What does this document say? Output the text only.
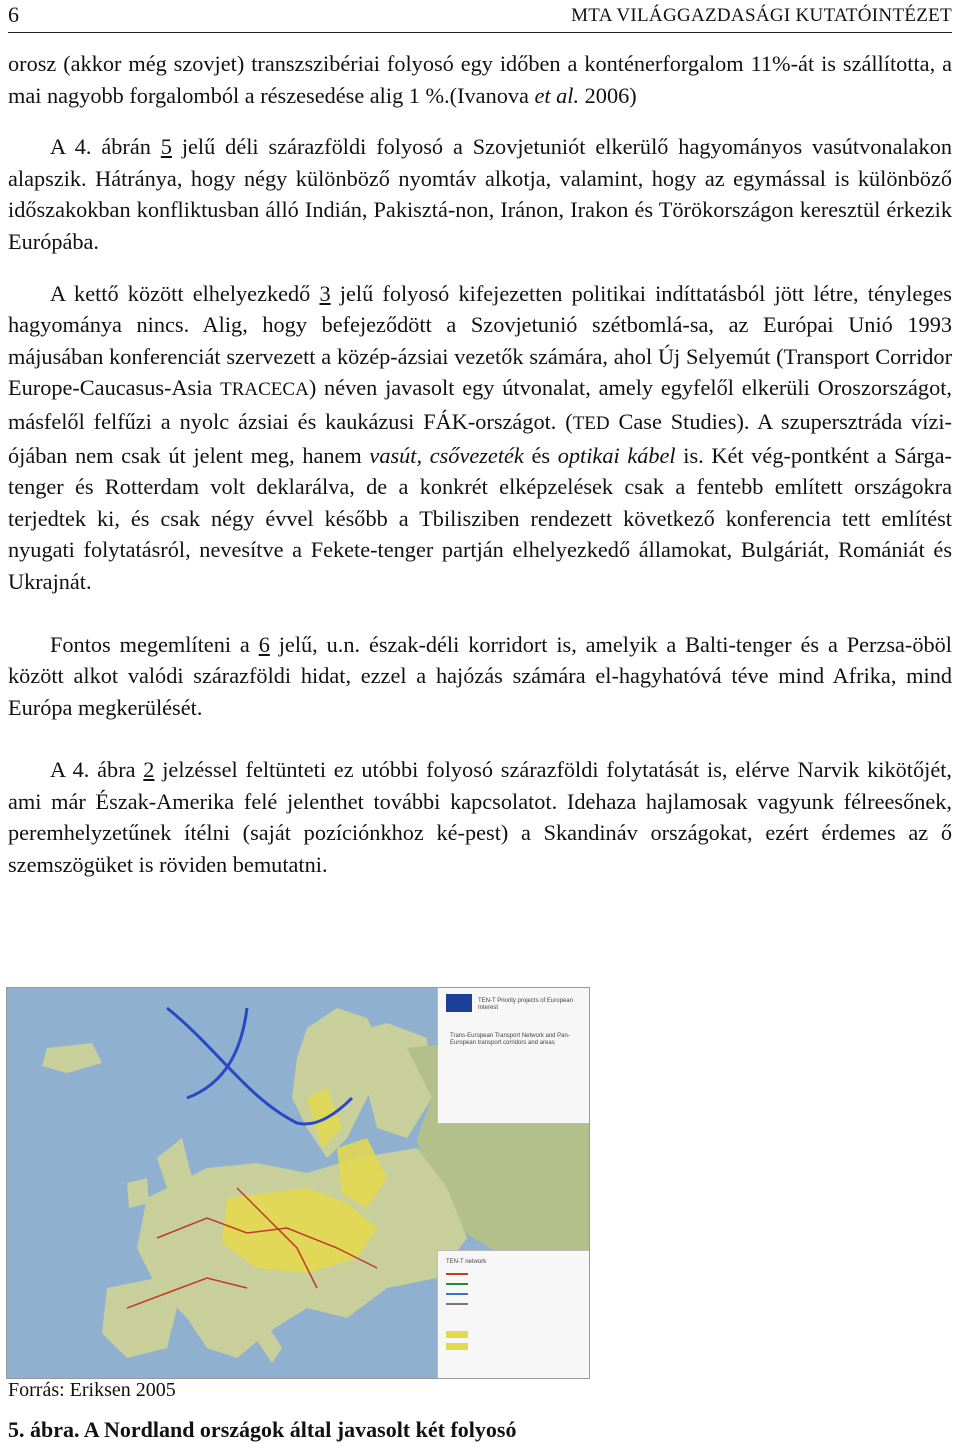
6	MTA VILÁGGAZDASÁGI KUTATÓINTÉZET

orosz (akkor még szovjet) transzszibériai folyosó egy időben a konténerforgalom 11%-át is szállította, a mai nagyobb forgalomból a részesedése alig 1 %.(Ivanova et al. 2006)

A 4. ábrán 5 jelű déli szárazföldi folyosó a Szovjetuniót elkerülő hagyományos vasútvonalakon alapszik. Hátránya, hogy négy különböző nyomtáv alkotja, valamint, hogy az egymással is különböző időszakokban konfliktusban álló Indián, Pakisztá-non, Iránon, Irakon és Törökországon keresztül érkezik Európába.

A kettő között elhelyezkedő 3 jelű folyosó kifejezetten politikai indíttatásból jött létre, tényleges hagyománya nincs. Alig, hogy befejeződött a Szovjetunió szétbomlá-sa, az Európai Unió 1993 májusában konferenciát szervezett a közép-ázsiai vezetők számára, ahol Új Selyemút (Transport Corridor Europe-Caucasus-Asia TRACECA) néven javasolt egy útvonalat, amely egyfelől elkerüli Oroszországot, másfelől felfűzi a nyolc ázsiai és kaukázusi FÁK-országot. (TED Case Studies). A szupersztráda vízi-ójában nem csak út jelent meg, hanem vasút, csővezeték és optikai kábel is. Két vég-pontként a Sárga-tenger és Rotterdam volt deklarálva, de a konkrét elképzelések csak a fentebb említett országokra terjedtek ki, és csak négy évvel később a Tbilisziben rendezett következő konferencia tett említést nyugati folytatásról, nevesítve a Fekete-tenger partján elhelyezkedő államokat, Bulgáriát, Romániát és Ukrajnát.

Fontos megemlíteni a 6 jelű, u.n. észak-déli korridort is, amelyik a Balti-tenger és a Perzsa-öböl között alkot valódi szárazföldi hidat, ezzel a hajózás számára el-hagyhatóvá téve mind Afrika, mind Európa megkerülését.

A 4. ábra 2 jelzéssel feltünteti ez utóbbi folyosó szárazföldi folytatását is, elérve Narvik kikötőjét, ami már Észak-Amerika felé jelenthet további kapcsolatot. Idehaza hajlamosak vagyunk félreesőnek, peremhelyzetűnek ítélni (saját pozíciónkhoz ké-pest) a Skandináv országokat, ezért érdemes az ő szemszögüket is röviden bemutatni.

TEN-T Priority projects of European Interest
Trans-European Transport Network and Pan-European transport corridors and areas
TEN-T network
Forrás: Eriksen 2005
5. ábra. A Nordland országok által javasolt két folyosó
